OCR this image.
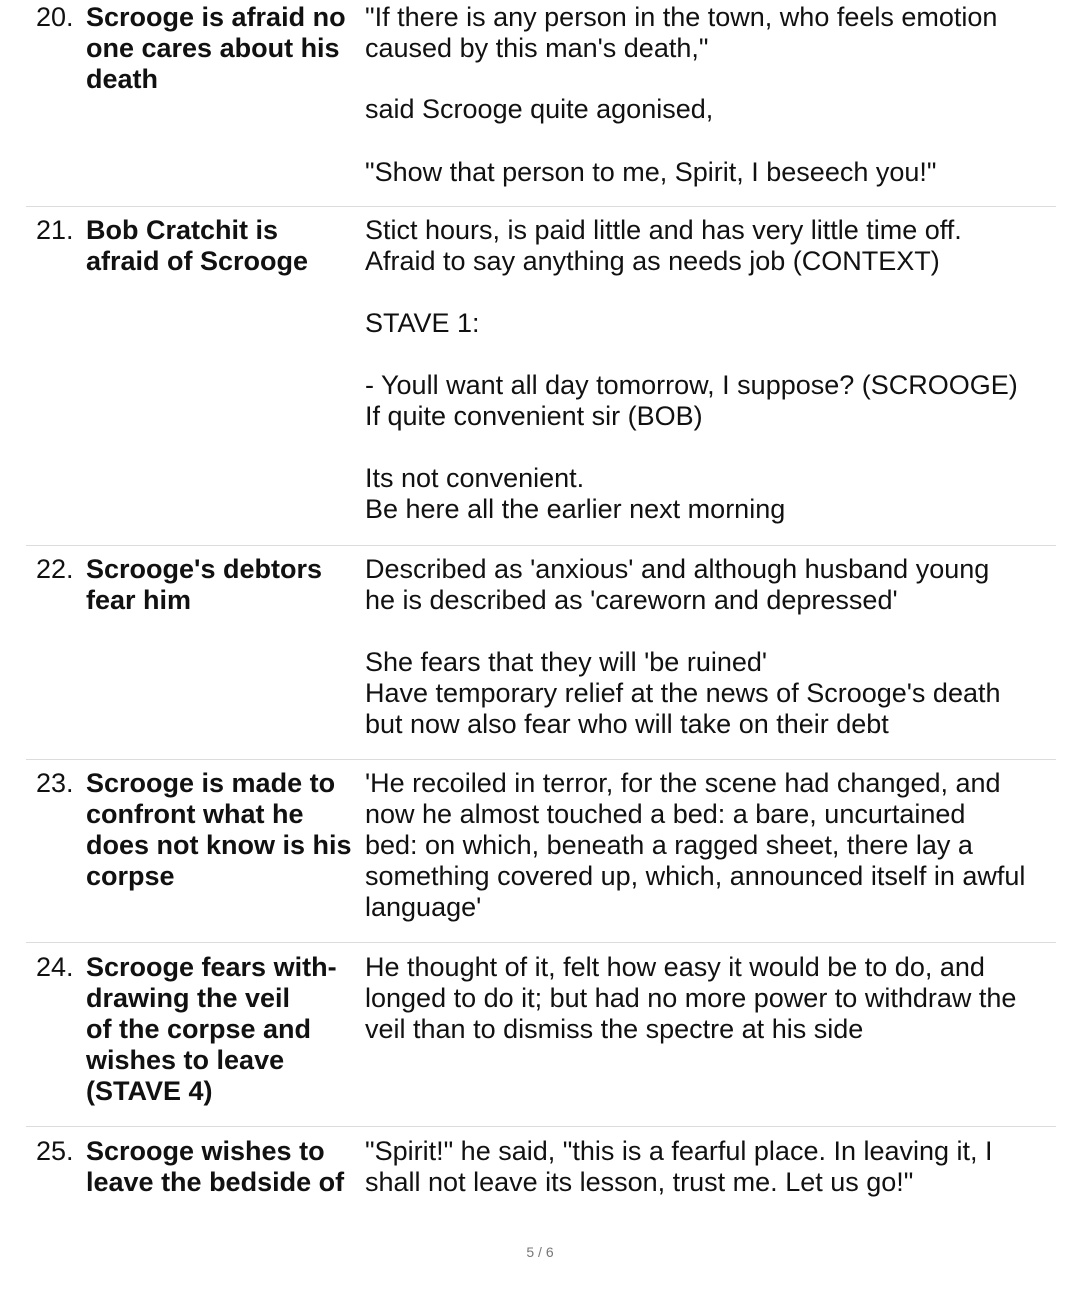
20. Scrooge is afraid no
one cares about his
death
"If there is any person in the town, who feels emotion
caused by this man's death,"
said Scrooge quite agonised,
"Show that person to me, Spirit, I beseech you!"
21. Bob Cratchit is
afraid of Scrooge
Stict hours, is paid little and has very little time off.
Afraid to say anything as needs job (CONTEXT)
STAVE 1:
- Youll want all day tomorrow, I suppose? (SCROOGE)
If quite convenient sir (BOB)
Its not convenient.
Be here all the earlier next morning
22. Scrooge's debtors
fear him
Described as 'anxious' and although husband young
he is described as 'careworn and depressed'
She fears that they will 'be ruined'
Have temporary relief at the news of Scrooge's death
but now also fear who will take on their debt
23. Scrooge is made to
confront what he
does not know is his
corpse
'He recoiled in terror, for the scene had changed, and
now he almost touched a bed: a bare, uncurtained
bed: on which, beneath a ragged sheet, there lay a
something covered up, which, announced itself in awful
language'
24. Scrooge fears with-
drawing the veil
of the corpse and
wishes to leave
(STAVE 4)
He thought of it, felt how easy it would be to do, and
longed to do it; but had no more power to withdraw the
veil than to dismiss the spectre at his side
25. Scrooge wishes to
leave the bedside of
"Spirit!" he said, "this is a fearful place. In leaving it, I
shall not leave its lesson, trust me. Let us go!"
5 / 6
